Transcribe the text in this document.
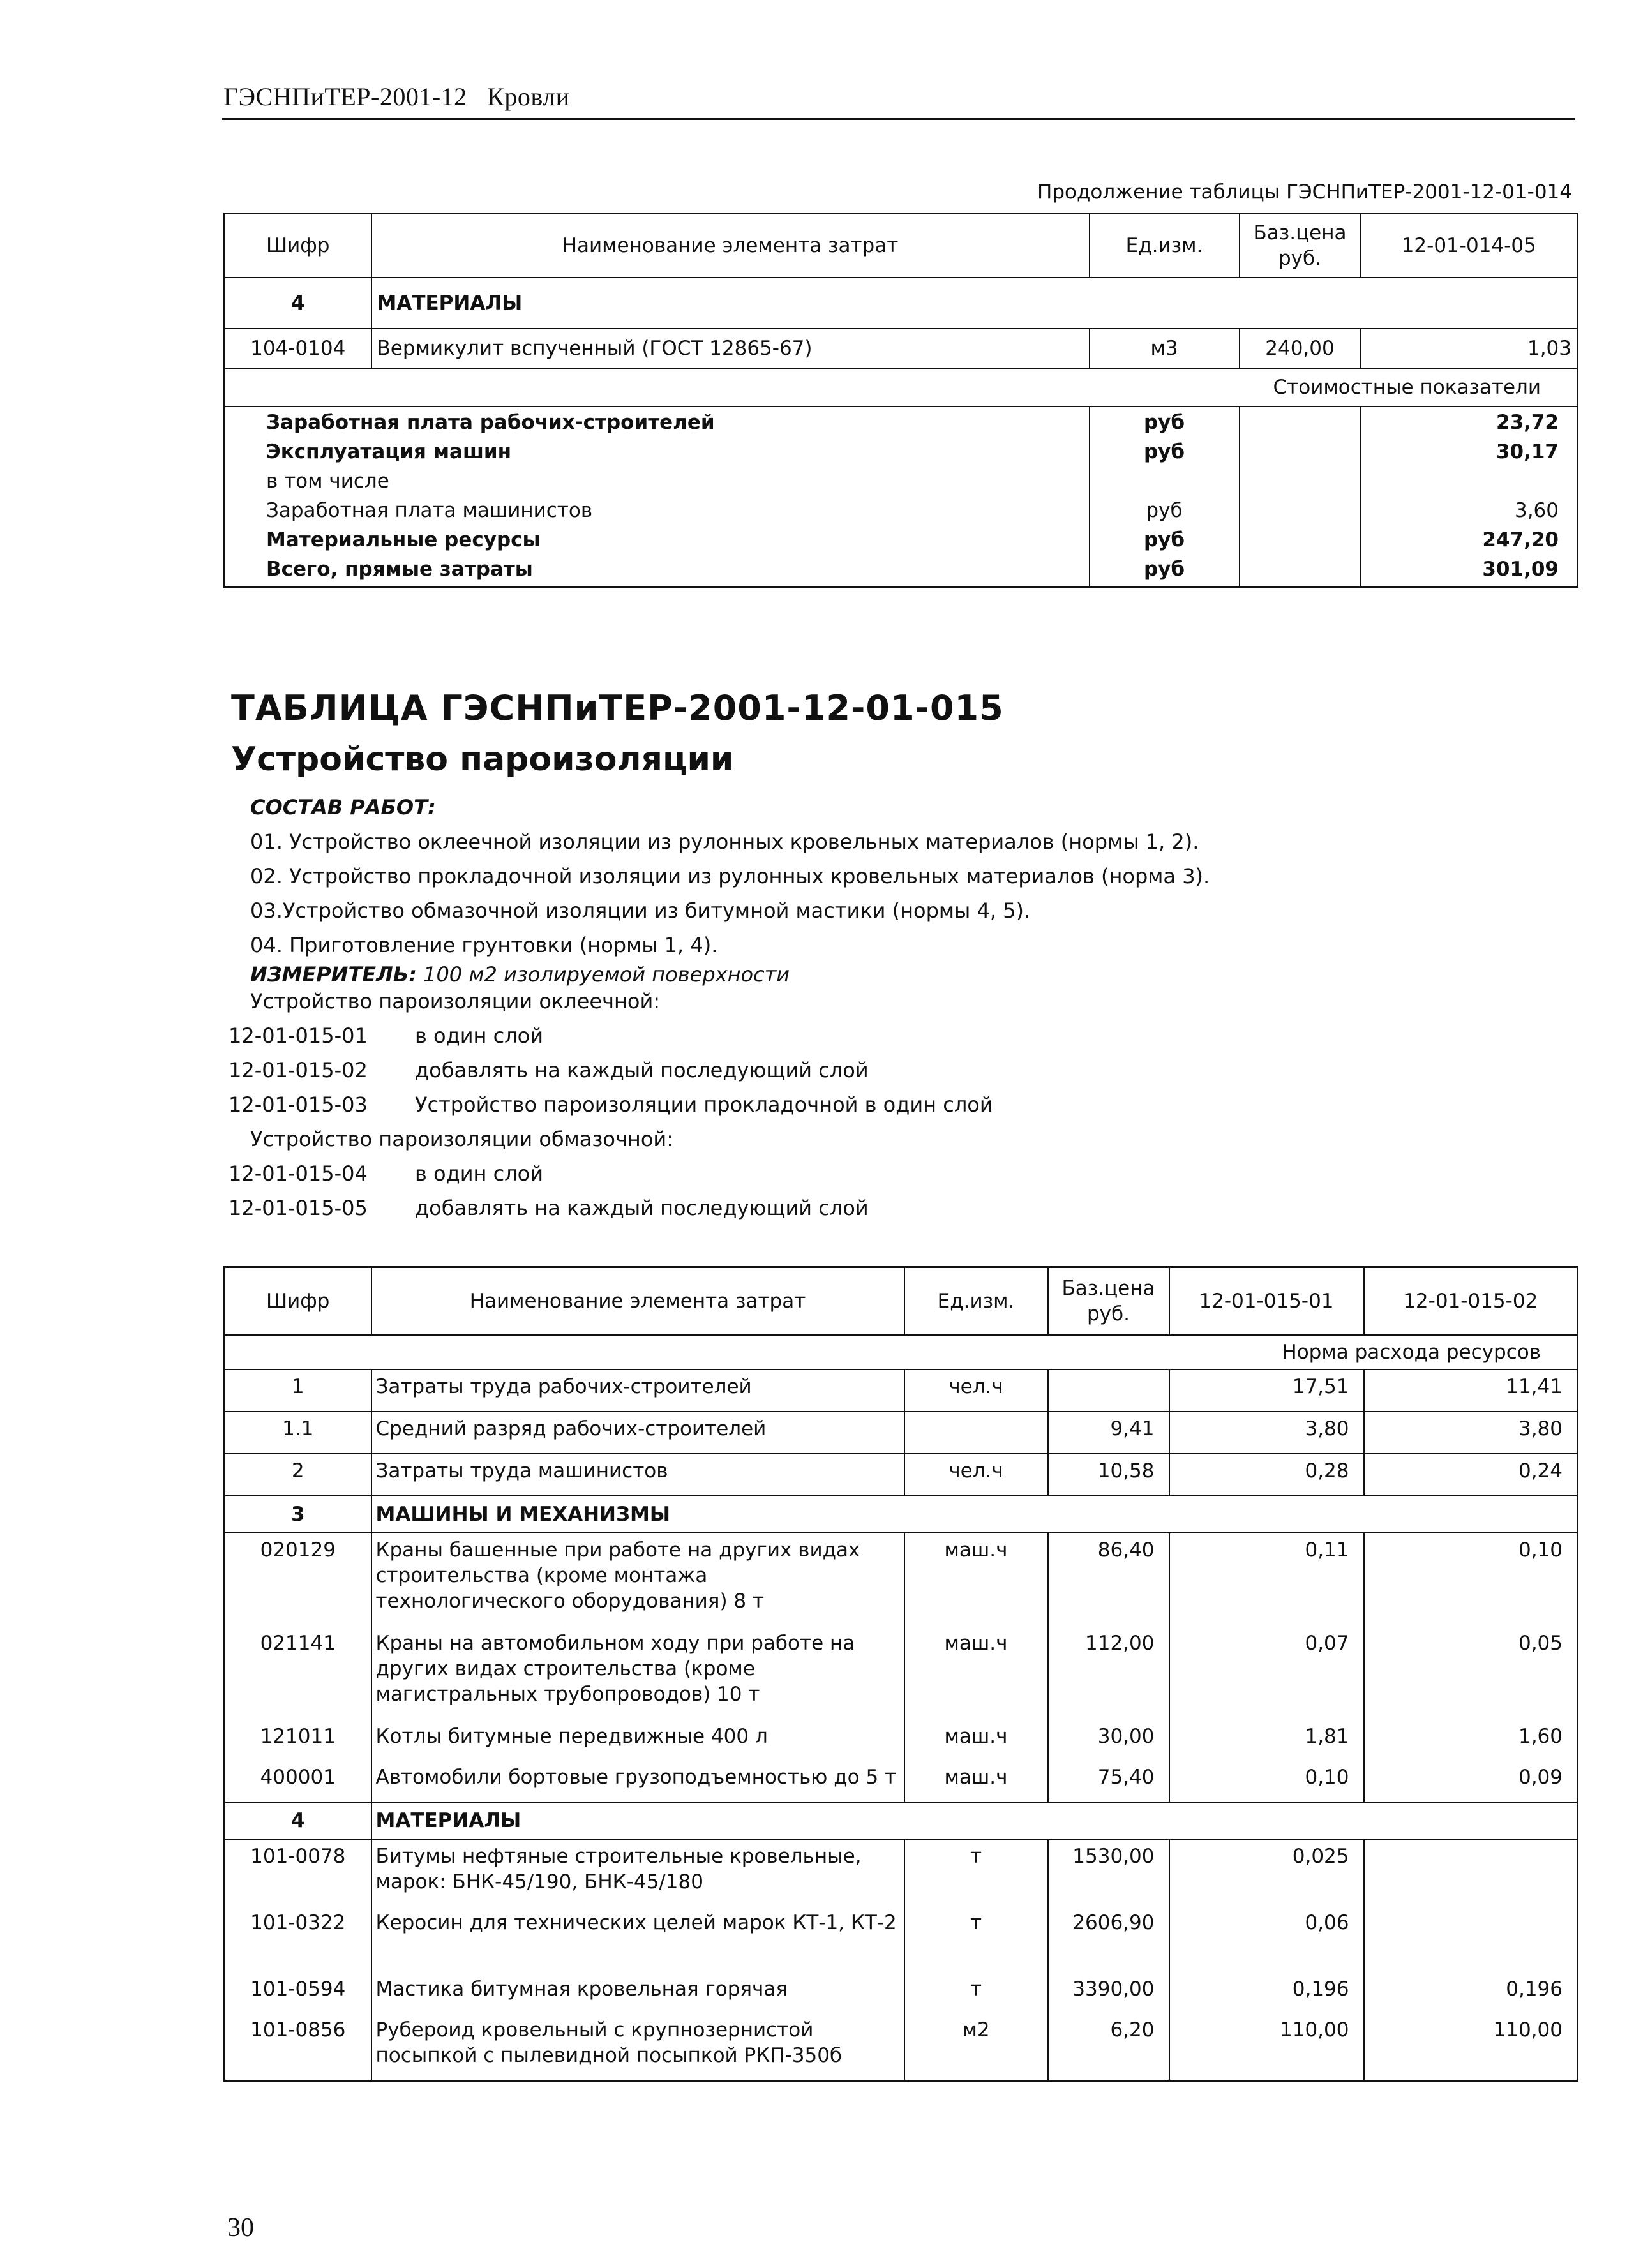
ГЭСНПиТЕР-2001-12   Кровли
Продолжение таблицы ГЭСНПиТЕР-2001-12-01-014
Шифр	Наименование элемента затрат	Ед.изм.	Баз.цена руб.	12-01-014-05
4	МАТЕРИАЛЫ			
104-0104	Вермикулит вспученный (ГОСТ 12865-67)	м3	240,00	1,03
Стоимостные показатели				
Заработная плата рабочих-строителей		руб		23,72
Эксплуатация машин		руб		30,17
в том числе				
Заработная плата машинистов		руб		3,60
Материальные ресурсы		руб		247,20
Всего, прямые затраты		руб		301,09
ТАБЛИЦА ГЭСНПиТЕР-2001-12-01-015
Устройство пароизоляции
СОСТАВ РАБОТ:
01. Устройство оклеечной изоляции из рулонных кровельных материалов (нормы 1, 2).
02. Устройство прокладочной изоляции из рулонных кровельных материалов (норма 3).
03.Устройство обмазочной изоляции из битумной мастики (нормы 4, 5).
04. Приготовление грунтовки (нормы 1, 4).
ИЗМЕРИТЕЛЬ: 100 м2 изолируемой поверхности
Устройство пароизоляции оклеечной:
12-01-015-01	в один слой
12-01-015-02	добавлять на каждый последующий слой
12-01-015-03	Устройство пароизоляции прокладочной в один слой
Устройство пароизоляции обмазочной:
12-01-015-04	в один слой
12-01-015-05	добавлять на каждый последующий слой
Шифр	Наименование элемента затрат	Ед.изм.	Баз.цена руб.	12-01-015-01	12-01-015-02
Норма расхода ресурсов					
1	Затраты труда рабочих-строителей	чел.ч		17,51	11,41
1.1	Средний разряд рабочих-строителей		9,41	3,80	3,80
2	Затраты труда машинистов	чел.ч	10,58	0,28	0,24
3	МАШИНЫ И МЕХАНИЗМЫ				
020129	Краны башенные при работе на других видах строительства (кроме монтажа технологического оборудования) 8 т	маш.ч	86,40	0,11	0,10
021141	Краны на автомобильном ходу при работе на других видах строительства (кроме магистральных трубопроводов) 10 т	маш.ч	112,00	0,07	0,05
121011	Котлы битумные передвижные 400 л	маш.ч	30,00	1,81	1,60
400001	Автомобили бортовые грузоподъемностью до 5 т	маш.ч	75,40	0,10	0,09
4	МАТЕРИАЛЫ				
101-0078	Битумы нефтяные строительные кровельные, марок: БНК-45/190, БНК-45/180	т	1530,00	0,025	
101-0322	Керосин для технических целей марок КТ-1, КТ-2	т	2606,90	0,06	
101-0594	Мастика битумная кровельная горячая	т	3390,00	0,196	0,196
101-0856	Рубероид кровельный с крупнозернистой посыпкой с пылевидной посыпкой РКП-350б	м2	6,20	110,00	110,00
30
